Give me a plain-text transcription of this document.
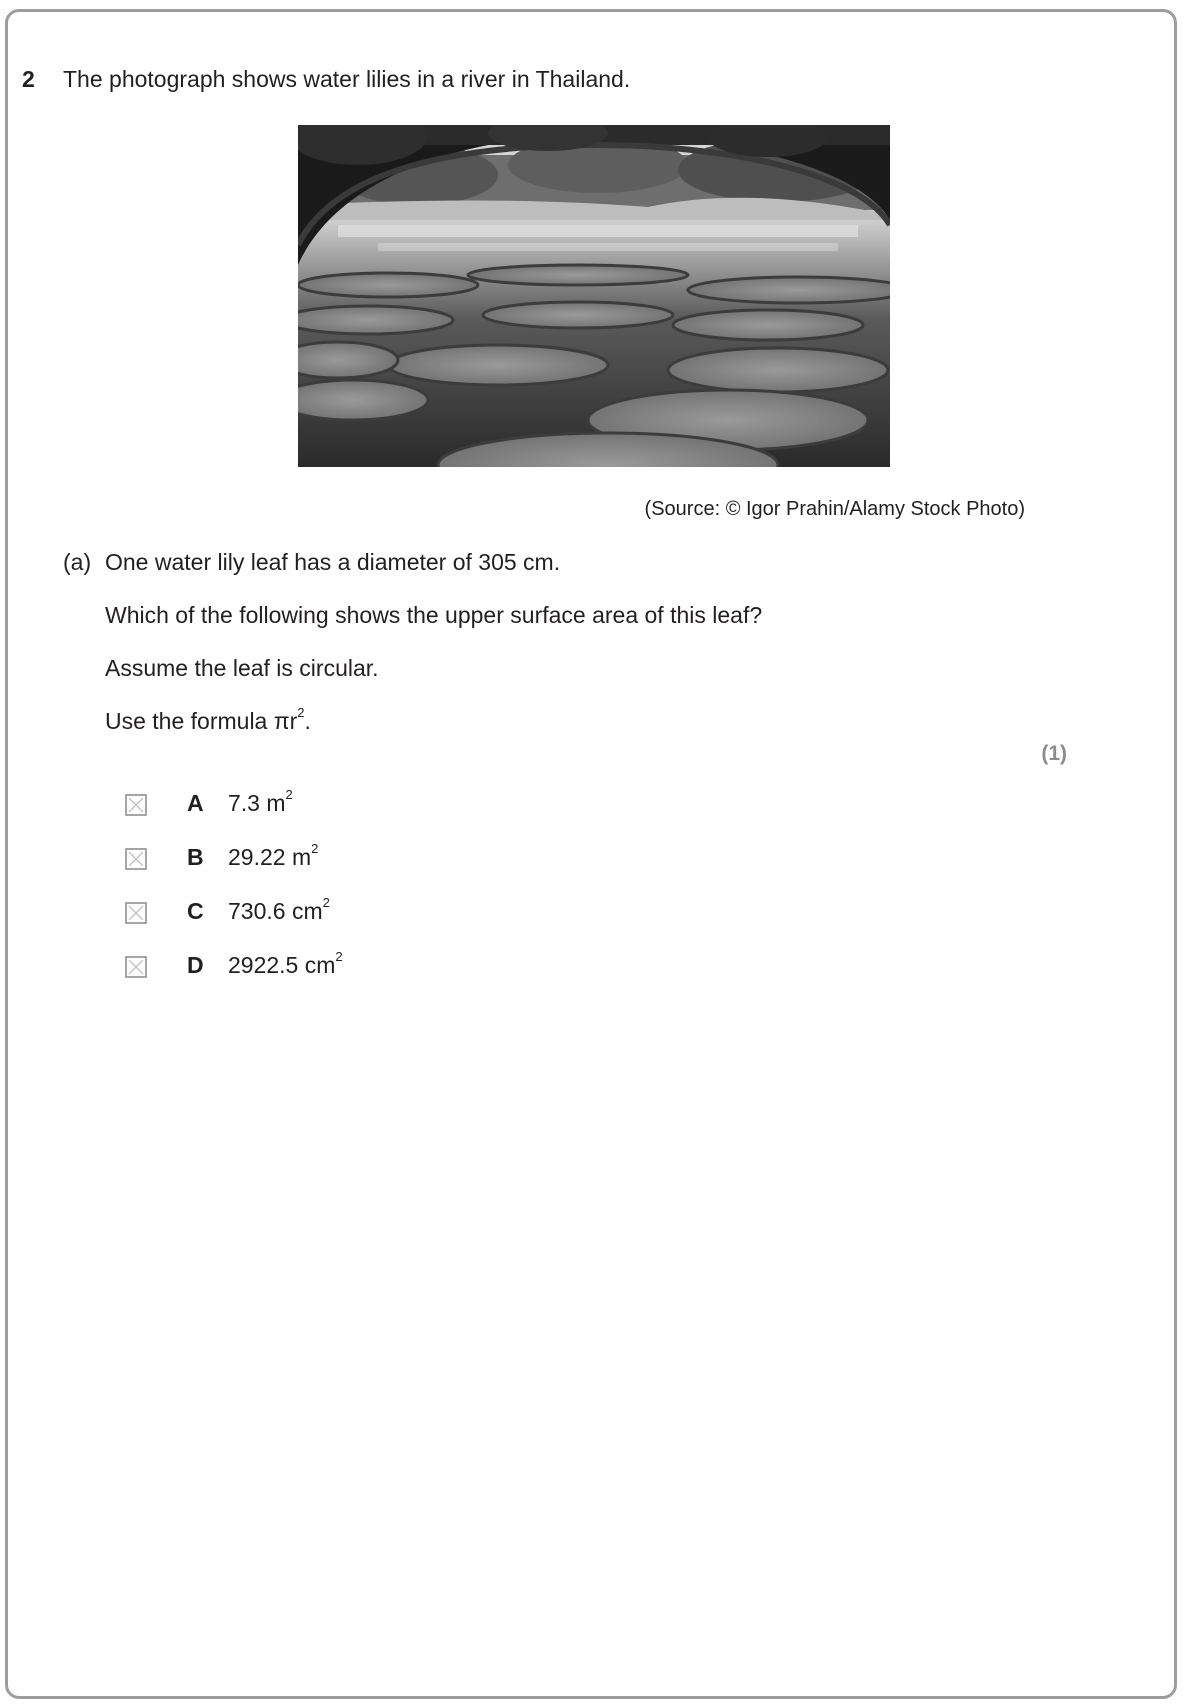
2 The photograph shows water lilies in a river in Thailand.
(Source: © Igor Prahin/Alamy Stock Photo)
(a) One water lily leaf has a diameter of 305 cm.
Which of the following shows the upper surface area of this leaf?
Assume the leaf is circular.
Use the formula $\pi r^2$.
(1)
A 7.3 $m^2$
B 29.22 $m^2$
C 730.6 $cm^2$
D 2922.5 $cm^2$
